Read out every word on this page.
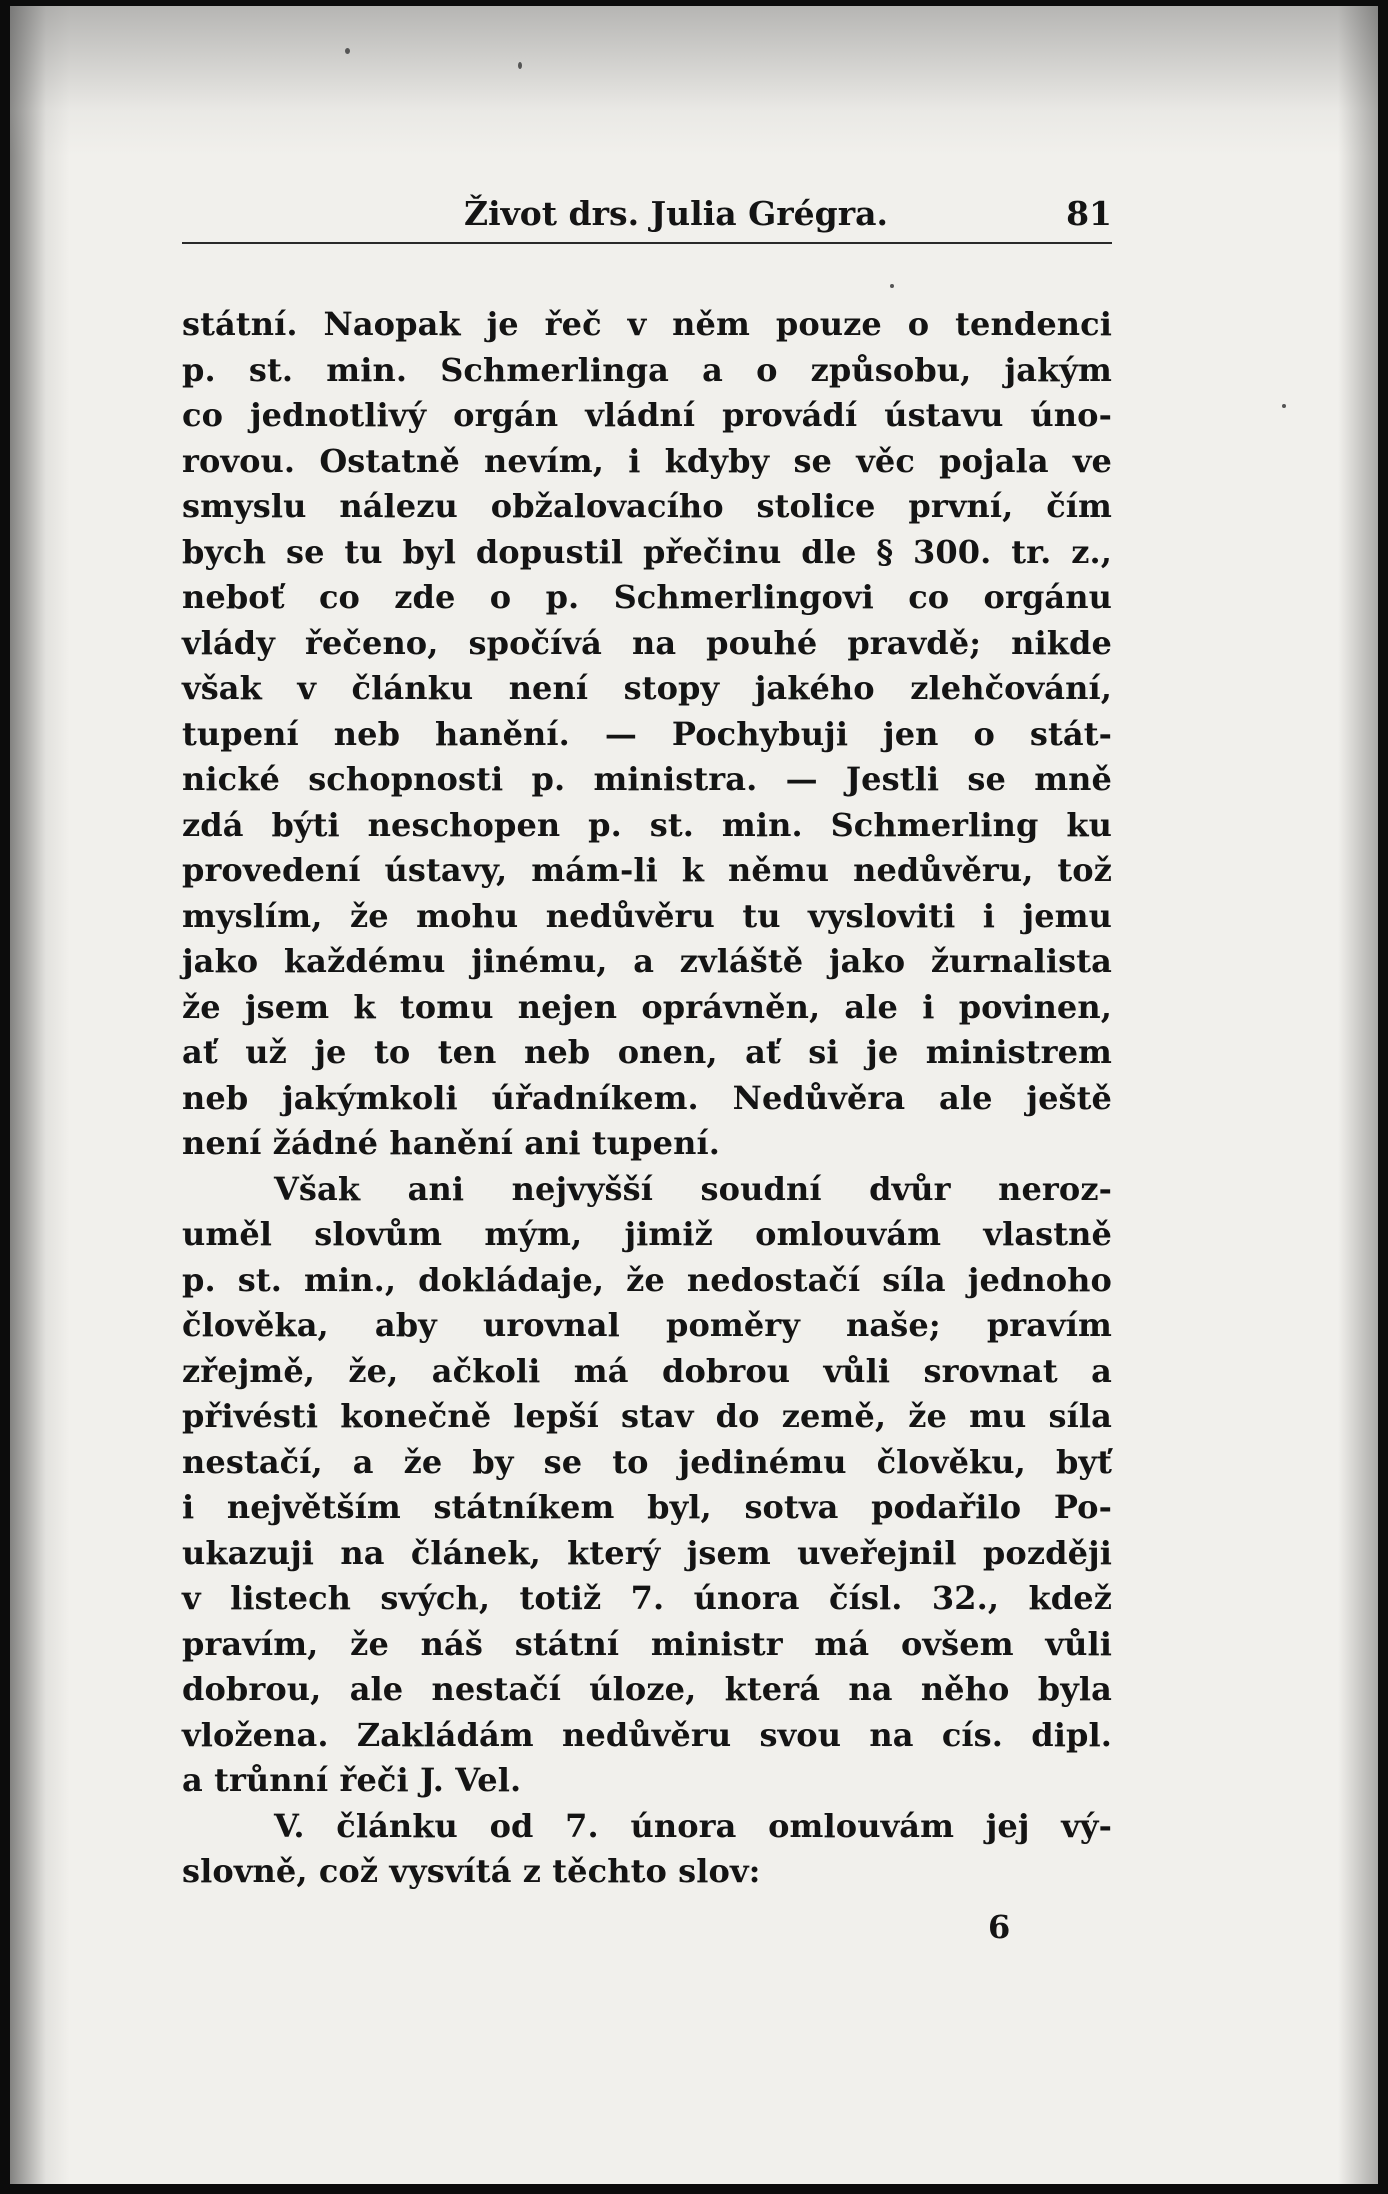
Život drs. Julia Grégra.	81
státní. Naopak je řeč v něm pouze o tendenci
p. st. min. Schmerlinga a o způsobu, jakým
co jednotlivý orgán vládní provádí ústavu úno-
rovou. Ostatně nevím, i kdyby se věc pojala ve
smyslu nálezu obžalovacího stolice první, čím
bych se tu byl dopustil přečinu dle § 300. tr. z.,
neboť co zde o p. Schmerlingovi co orgánu
vlády řečeno, spočívá na pouhé pravdě; nikde
však v článku není stopy jakého zlehčování,
tupení neb hanění. — Pochybuji jen o stát-
nické schopnosti p. ministra. — Jestli se mně
zdá býti neschopen p. st. min. Schmerling ku
provedení ústavy, mám-li k němu nedůvěru, tož
myslím, že mohu nedůvěru tu vysloviti i jemu
jako každému jinému, a zvláště jako žurnalista
že jsem k tomu nejen oprávněn, ale i povinen,
ať už je to ten neb onen, ať si je ministrem
neb jakýmkoli úřadníkem. Nedůvěra ale ještě
není žádné hanění ani tupení.
Však ani nejvyšší soudní dvůr neroz-
uměl slovům mým, jimiž omlouvám vlastně
p. st. min., dokládaje, že nedostačí síla jednoho
člověka, aby urovnal poměry naše; pravím
zřejmě, že, ačkoli má dobrou vůli srovnat a
přivésti konečně lepší stav do země, že mu síla
nestačí, a že by se to jedinému člověku, byť
i největším státníkem byl, sotva podařilo Po-
ukazuji na článek, který jsem uveřejnil později
v listech svých, totiž 7. února čísl. 32., kdež
pravím, že náš státní ministr má ovšem vůli
dobrou, ale nestačí úloze, která na něho byla
vložena. Zakládám nedůvěru svou na cís. dipl.
a trůnní řeči J. Vel.
V. článku od 7. února omlouvám jej vý-
slovně, což vysvítá z těchto slov:
6
